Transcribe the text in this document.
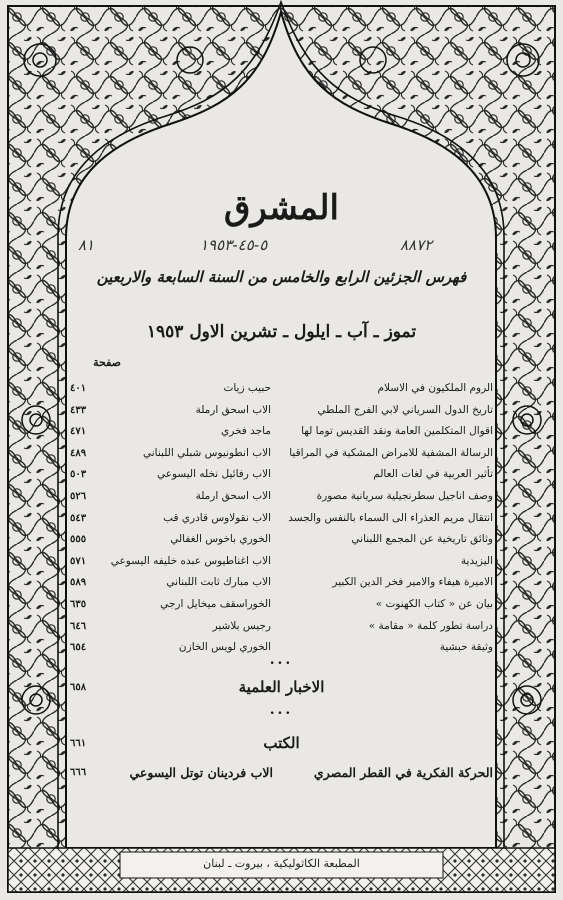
المشرق
٨١	٥-٤٥-١٩٥٣	٨٨٧٢
فهرس الجزئين الرابع والخامس من السنة السابعة والاربعين
تموز ـ آب ـ ايلول ـ تشرين الاول ١٩٥٣
صفحة
الروم الملكيون في الاسلام
حبيب زيات
٤٠١
تاريخ الدول السرياني لابي الفرج الملطي
الاب اسحق ارملة
٤٣٣
اقوال المتكلمين العامة ونقد القديس توما لها
ماجد فخري
٤٧١
الرسالة المشفية للامراض المشكية في المراقيا
الاب انطونيوس شبلي اللبناني
٤٨٩
تأثير العربية في لغات العالم
الاب رفائيل نخله اليسوعي
٥٠٣
وصف اناجيل سطرنجيلية سريانية مصورة
الاب اسحق ارملة
٥٢٦
انتقال مريم العذراء الى السماء بالنفس والجسد
الاب نقولاوس قادري قب
٥٤٣
وثائق تاريخية عن المجمع اللبناني
الخوري باخوس الغفالي
٥٥٥
اليزيدية
الاب اغناطيوس عبده خليفه اليسوعي
٥٧١
الاميرة هيفاء والامير فخر الدين الكبير
الاب مبارك ثابت اللبناني
٥٨٩
بيان عن « كتاب الكهنوت »
الخوراسقف ميخايل ارجي
٦٣٥
دراسة تطور كلمة « مقامة »
رجيس بلاشير
٦٤٦
وثيقة حبشية
الخوري لويس الخازن
٦٥٤
...
الاخبار العلمية
٦٥٨
...
الكتب
٦٦١
الحركة الفكرية في القطر المصري
الاب فردينان توتل اليسوعي
٦٦٦
المطبعة الكاثوليكية ، بيروت ـ لبنان
